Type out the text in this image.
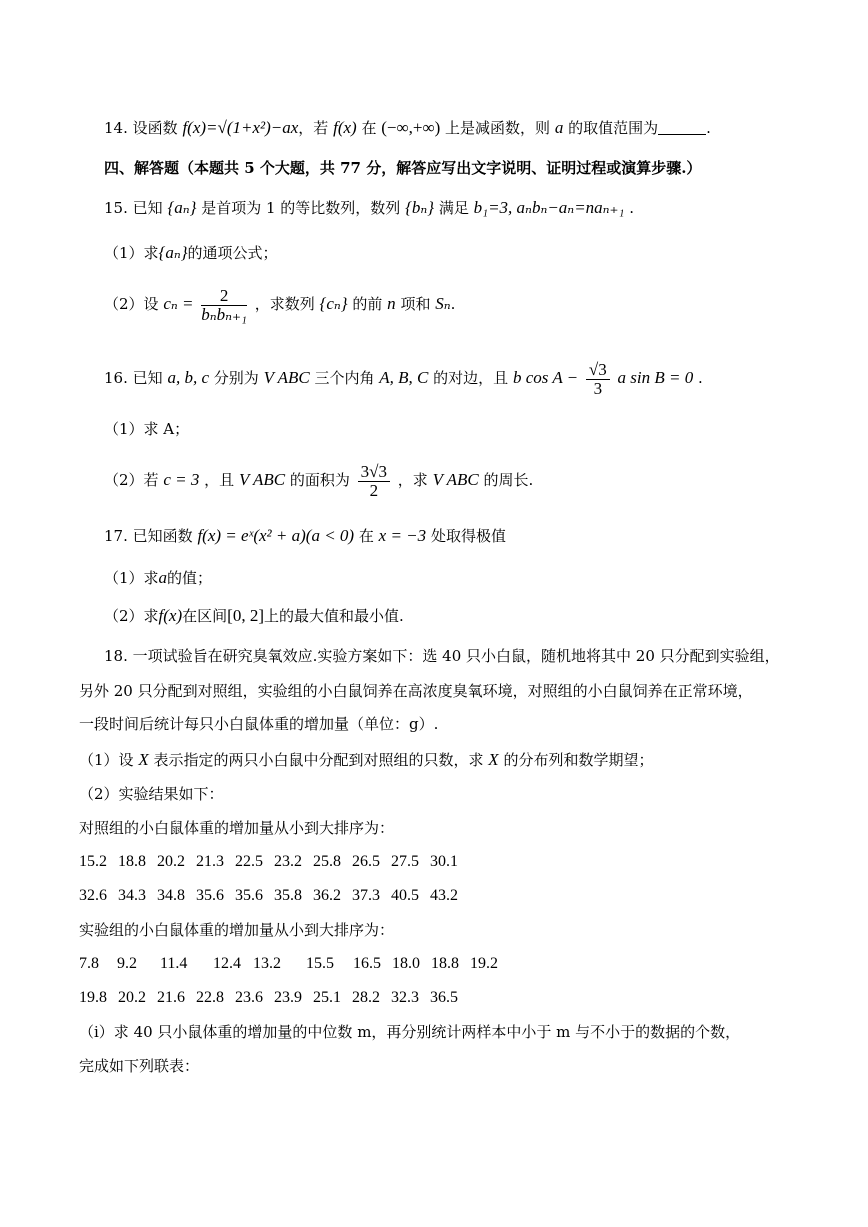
14. 设函数 f(x)=√(1+x²)−ax，若 f(x) 在 (−∞,+∞) 上是减函数，则 a 的取值范围为	.
四、解答题（本题共 5 个大题，共 77 分，解答应写出文字说明、证明过程或演算步骤.）
15. 已知 {aₙ} 是首项为 1 的等比数列，数列 {bₙ} 满足 b₁=3, aₙbₙ−aₙ=naₙ₊₁ .
（1）求{aₙ}的通项公式；
（2）设 $c_n = \frac{2}{\text{bₙbₙ₊₁}}$ ，求数列 {cₙ} 的前 n 项和 Sₙ.
16. 已知 a, b, c 分别为 V ABC 三个内角 A, B, C 的对边，且 b $\cos A - \frac{√3}{3}$ a sin B = 0 .
（1）求 A；
（2）若 c = 3 ，且 V ABC 的面积为 $\frac{3√3}{2}$ ，求 V ABC 的周长.
17. 已知函数 f(x) = eˣ(x² + a)(a < 0) 在 x = −3 处取得极值
（1）求a的值；
（2）求f(x)在区间[0, 2]上的最大值和最小值.
18. 一项试验旨在研究臭氧效应.实验方案如下：选 40 只小白鼠，随机地将其中 20 只分配到实验组，
另外 20 只分配到对照组，实验组的小白鼠饲养在高浓度臭氧环境，对照组的小白鼠饲养在正常环境，
一段时间后统计每只小白鼠体重的增加量（单位：g）.
（1）设 X 表示指定的两只小白鼠中分配到对照组的只数，求 X 的分布列和数学期望；
（2）实验结果如下：
对照组的小白鼠体重的增加量从小到大排序为：
15.2 18.8 20.2 21.3 22.5 23.2 25.8 26.5 27.5 30.1
32.6 34.3 34.8 35.6 35.6 35.8 36.2 37.3 40.5 43.2
实验组的小白鼠体重的增加量从小到大排序为：
7.8 9.2 11.4 12.4 13.2 15.5 16.5 18.0 18.8 19.2
19.8 20.2 21.6 22.8 23.6 23.9 25.1 28.2 32.3 36.5
（i）求 40 只小鼠体重的增加量的中位数 m，再分别统计两样本中小于 m 与不小于的数据的个数，
完成如下列联表：
